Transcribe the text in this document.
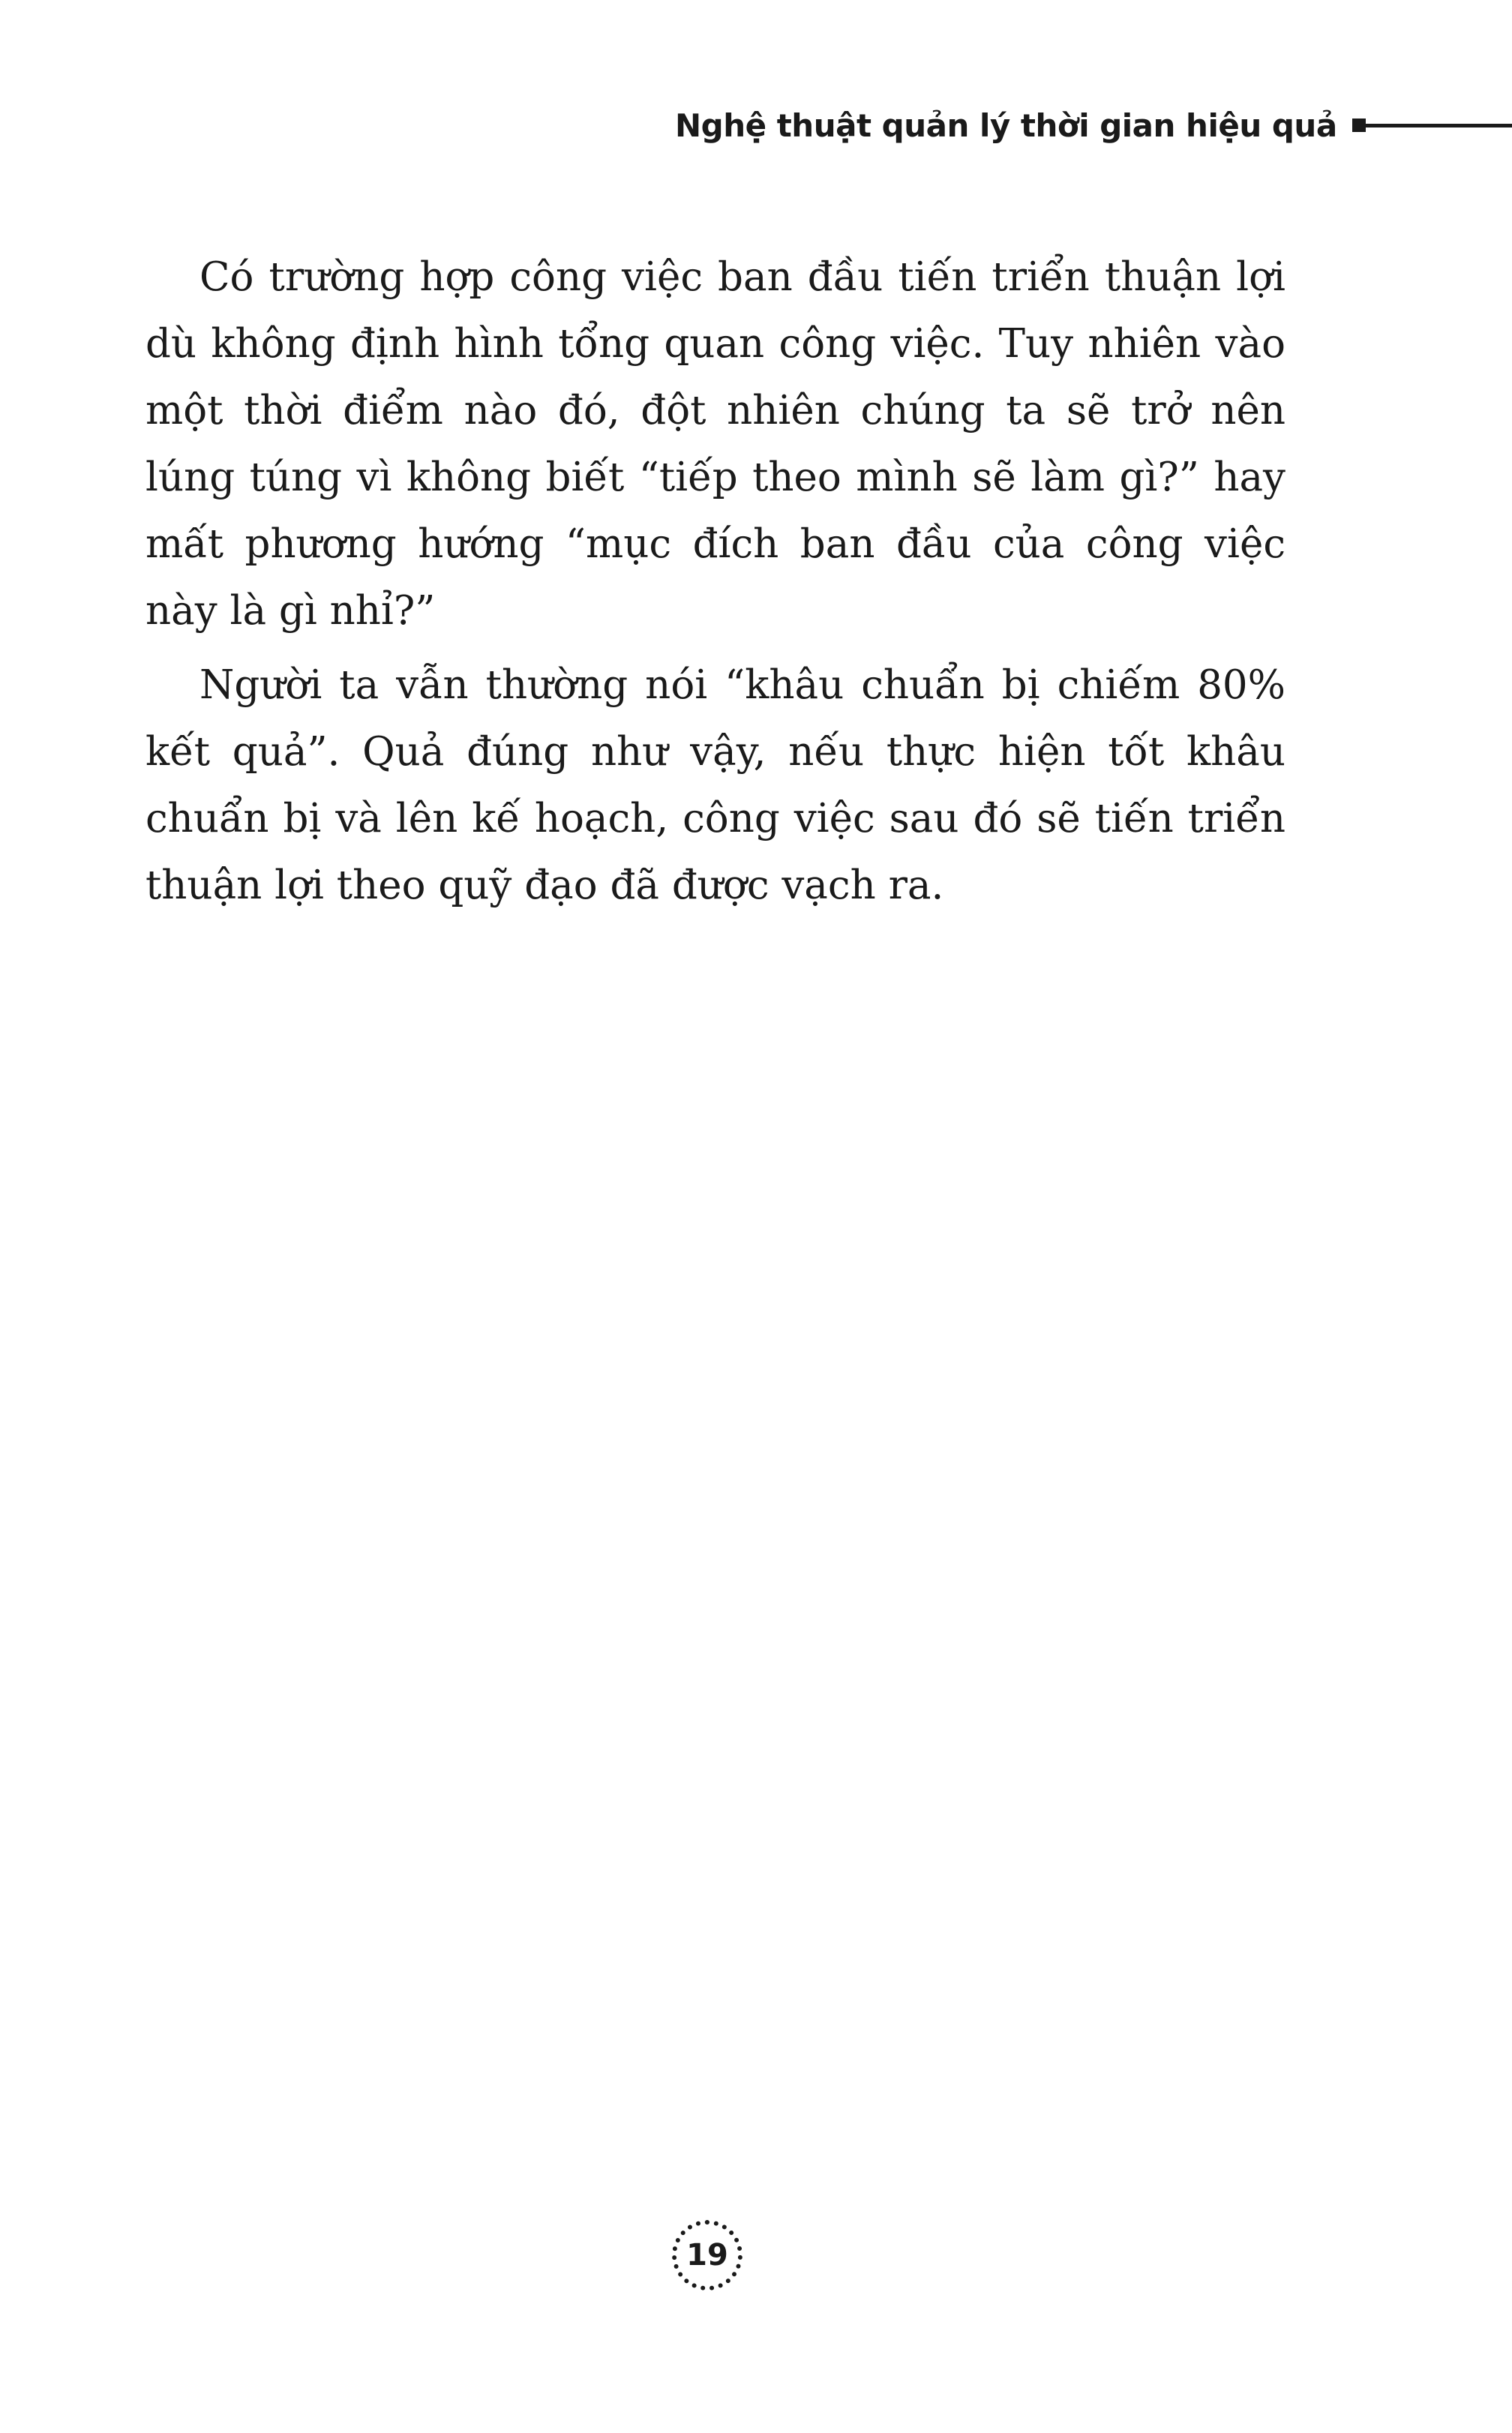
Nghệ thuật quản lý thời gian hiệu quả

Có trường hợp công việc ban đầu tiến triển thuận lợi dù không định hình tổng quan công việc. Tuy nhiên vào một thời điểm nào đó, đột nhiên chúng ta sẽ trở nên lúng túng vì không biết “tiếp theo mình sẽ làm gì?” hay mất phương hướng “mục đích ban đầu của công việc này là gì nhỉ?”

Người ta vẫn thường nói “khâu chuẩn bị chiếm 80% kết quả”. Quả đúng như vậy, nếu thực hiện tốt khâu chuẩn bị và lên kế hoạch, công việc sau đó sẽ tiến triển thuận lợi theo quỹ đạo đã được vạch ra.

19
